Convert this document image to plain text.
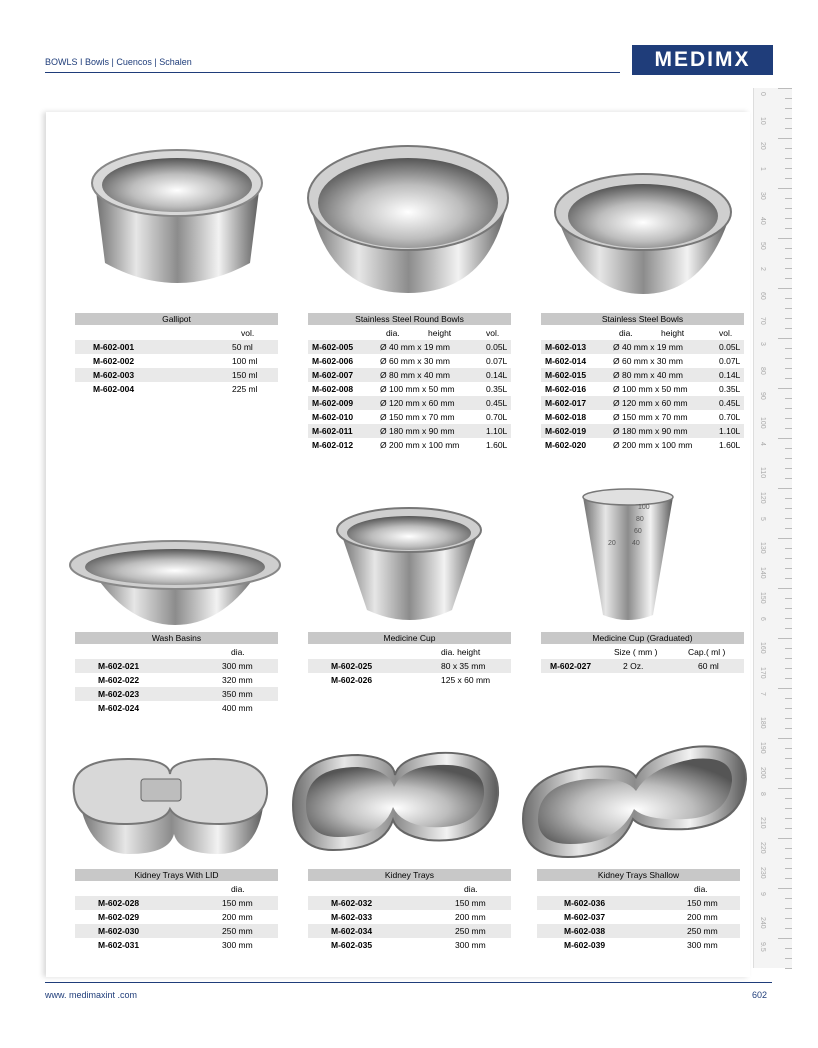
BOWLS I Bowls | Cuencos | Schalen	MEDIMX
0
10
20
1
30
40
50
2
60
70
3
80
90
100
4
110
120
5
130
140
150
6
160
170
7
180
190
200
8
210
220
230
9
240
9.5
100
80
60
40
20
Gallipot
vol.
M-602-001	50 ml
M-602-002	100 ml
M-602-003	150 ml
M-602-004	225 ml
Stainless Steel Round Bowls
dia.	height	vol.
M-602-005	Ø 40 mm x 19 mm	0.05L
M-602-006	Ø 60 mm x 30 mm	0.07L
M-602-007	Ø 80 mm x 40 mm	0.14L
M-602-008	Ø 100 mm x 50 mm	0.35L
M-602-009	Ø 120 mm x 60 mm	0.45L
M-602-010	Ø 150 mm x 70 mm	0.70L
M-602-011	Ø 180 mm x 90 mm	1.10L
M-602-012	Ø 200 mm x 100 mm	1.60L
Stainless Steel Bowls
dia.	height	vol.
M-602-013	Ø 40 mm x 19 mm	0.05L
M-602-014	Ø 60 mm x 30 mm	0.07L
M-602-015	Ø 80 mm x 40 mm	0.14L
M-602-016	Ø 100 mm x 50 mm	0.35L
M-602-017	Ø 120 mm x 60 mm	0.45L
M-602-018	Ø 150 mm x 70 mm	0.70L
M-602-019	Ø 180 mm x 90 mm	1.10L
M-602-020	Ø 200 mm x 100 mm	1.60L
Wash Basins
dia.
M-602-021	300 mm
M-602-022	320 mm
M-602-023	350 mm
M-602-024	400 mm
Medicine Cup
dia. height
M-602-025	80 x 35 mm
M-602-026	125 x 60 mm
Medicine Cup (Graduated)
Size ( mm )	Cap.( ml )
M-602-027	2 Oz.	60 ml
Kidney Trays With LID
dia.
M-602-028	150 mm
M-602-029	200 mm
M-602-030	250 mm
M-602-031	300 mm
Kidney Trays
dia.
M-602-032	150 mm
M-602-033	200 mm
M-602-034	250 mm
M-602-035	300 mm
Kidney Trays Shallow
dia.
M-602-036	150 mm
M-602-037	200 mm
M-602-038	250 mm
M-602-039	300 mm
www. medimaxint .com	602
